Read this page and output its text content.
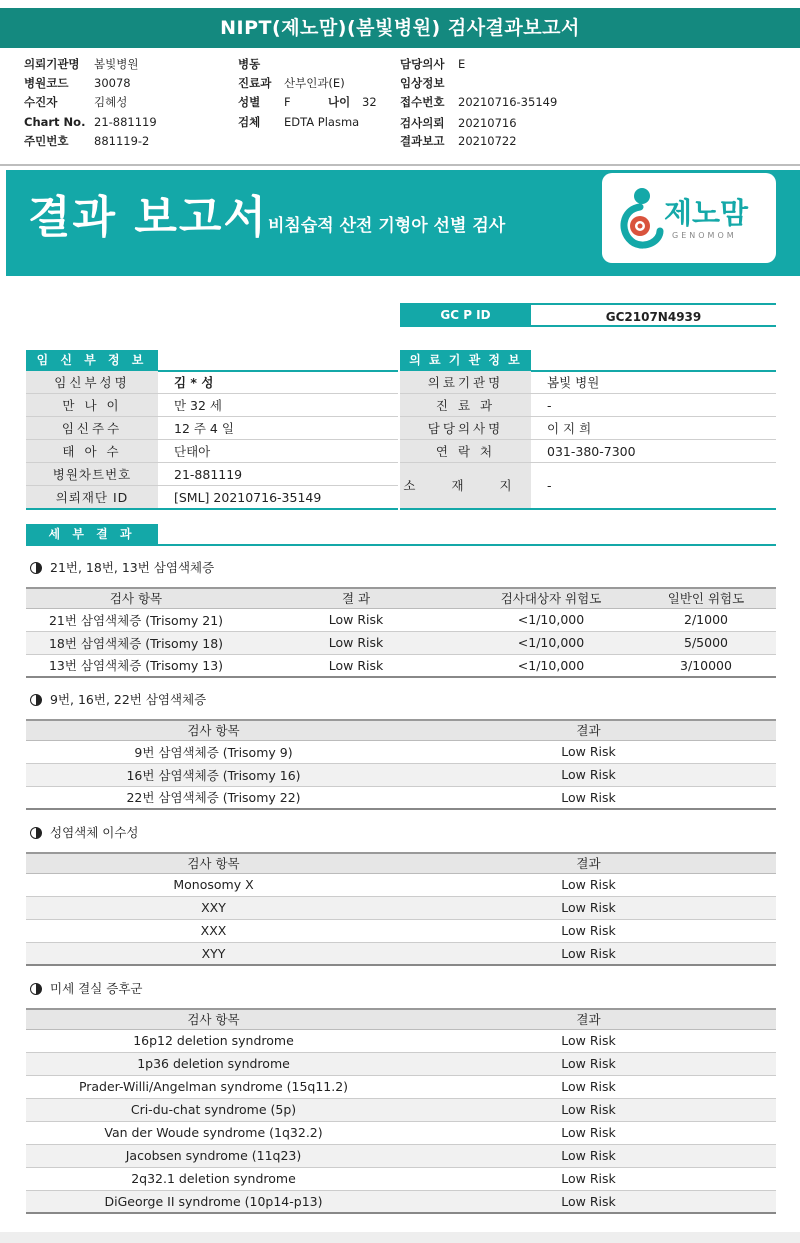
NIPT(제노맘)(봄빛병원) 검사결과보고서
의뢰기관명 봄빛병원
병원코드 30078
수진자	김혜성
Chart No. 21-881119
주민번호 881119-2
병동
진료과 산부인과(E)
성별 F	나이 32
검체 EDTA Plasma
담당의사 E
임상정보
접수번호 20210716-35149
검사의뢰 20210716
결과보고 20210722
결과 보고서 비침습적 산전 기형아 선별 검사	제노맘
GENOMOM
GC P ID	GC2107N4939
임 신 부 정 보
임신부성명	김 * 성
만 나 이	만 32 세
임신주수	12 주 4 일
태 아 수	단태아
병원차트번호	21-881119
의뢰재단 ID	[SML] 20210716-35149
의 료 기 관 정 보
의료기관명	봄빛 병원
진 료 과	-
담당의사명	이 지 희
연 락 처	031-380-7300
소 재 지	-
세 부 결 과
21번, 18번, 13번 삼염색체증
검사 항목	결 과	검사대상자 위험도	일반인 위험도
21번 삼염색체증 (Trisomy 21)	Low Risk	<1/10,000	2/1000
18번 삼염색체증 (Trisomy 18)	Low Risk	<1/10,000	5/5000
13번 삼염색체증 (Trisomy 13)	Low Risk	<1/10,000	3/10000
9번, 16번, 22번 삼염색체증
검사 항목	결과
9번 삼염색체증 (Trisomy 9)	Low Risk
16번 삼염색체증 (Trisomy 16)	Low Risk
22번 삼염색체증 (Trisomy 22)	Low Risk
성염색체 이수성
검사 항목	결과
Monosomy X	Low Risk
XXY	Low Risk
XXX	Low Risk
XYY	Low Risk
미세 결실 증후군
검사 항목	결과
16p12 deletion syndrome	Low Risk
1p36 deletion syndrome	Low Risk
Prader-Willi/Angelman syndrome (15q11.2)	Low Risk
Cri-du-chat syndrome (5p)	Low Risk
Van der Woude syndrome (1q32.2)	Low Risk
Jacobsen syndrome (11q23)	Low Risk
2q32.1 deletion syndrome	Low Risk
DiGeorge II syndrome (10p14-p13)	Low Risk
